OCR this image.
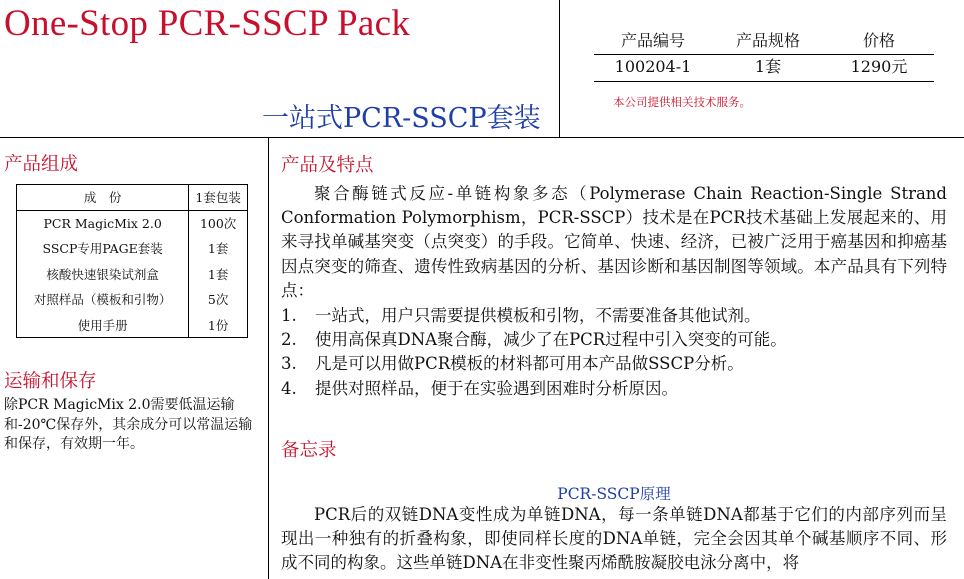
One-Stop PCR-SSCP Pack
一站式PCR-SSCP套装
产品编号	产品规格	价格
100204-1	1套	1290元
本公司提供相关技术服务。
产品组成
成　份	1套包装
PCR MagicMix 2.0	100次
SSCP专用PAGE套装	1套
核酸快速银染试剂盒	1套
对照样品（模板和引物）	5次
使用手册	1份
运输和保存
除PCR MagicMix 2.0需要低温运输和-20℃保存外，其余成分可以常温运输和保存，有效期一年。
产品及特点
聚合酶链式反应-单链构象多态（Polymerase Chain Reaction-Single Strand Conformation Polymorphism，PCR-SSCP）技术是在PCR技术基础上发展起来的、用来寻找单碱基突变（点突变）的手段。它简单、快速、经济，已被广泛用于癌基因和抑癌基因点突变的筛查、遗传性致病基因的分析、基因诊断和基因制图等领域。本产品具有下列特点：
1. 一站式，用户只需要提供模板和引物，不需要准备其他试剂。
2. 使用高保真DNA聚合酶，减少了在PCR过程中引入突变的可能。
3. 凡是可以用做PCR模板的材料都可用本产品做SSCP分析。
4. 提供对照样品，便于在实验遇到困难时分析原因。
备忘录
PCR-SSCP原理
PCR后的双链DNA变性成为单链DNA，每一条单链DNA都基于它们的内部序列而呈现出一种独有的折叠构象，即使同样长度的DNA单链，完全会因其单个碱基顺序不同、形成不同的构象。这些单链DNA在非变性聚丙烯酰胺凝胶电泳分离中，将
